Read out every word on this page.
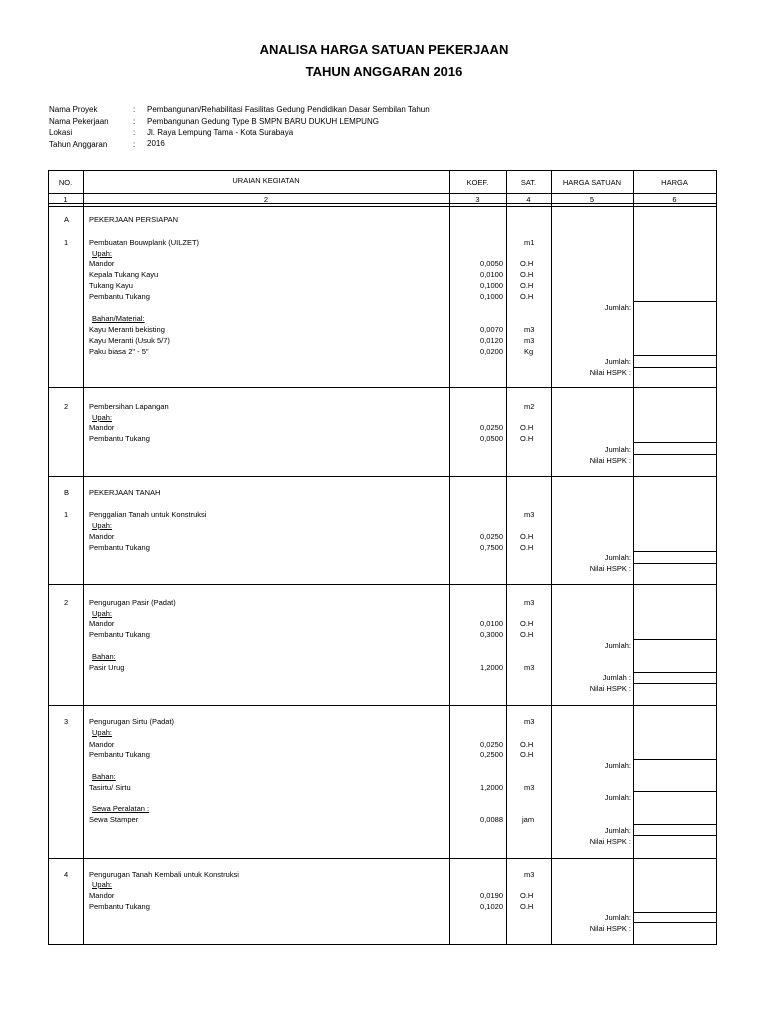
ANALISA HARGA SATUAN PEKERJAAN
TAHUN ANGGARAN 2016
Nama Proyek	: Pembangunan/Rehabilitasi Fasilitas Gedung Pendidikan Dasar Sembilan Tahun
Nama Pekerjaan	: Pembangunan Gedung Type B SMPN BARU DUKUH LEMPUNG
Lokasi	: Jl. Raya Lempung Tama - Kota Surabaya
Tahun Anggaran	: 2016
NO.	URAIAN KEGIATAN	KOEF.	SAT.	HARGA SATUAN	HARGA
1	2	3	4	5	6
A	PEKERJAAN PERSIAPAN
1	Pembuatan Bouwplank (UILZET)	m1
Upah:
Mandor	0,0050 O.H
Kepala Tukang Kayu	0,0100 O.H
Tukang Kayu	0,1000 O.H
Pembantu Tukang	0,1000 O.H
Jumlah:
Bahan/Material:
Kayu Meranti bekisting	0,0070	m3
Kayu Meranti (Usuk 5/7)	0,0120	m3
Paku biasa 2" - 5"	0,0200	Kg
Jumlah:
Nilai HSPK :
2	Pembersihan Lapangan	m2
Upah:
Mandor	0,0250 O.H
Pembantu Tukang	0,0500 O.H
Jumlah:
Nilai HSPK :
B	PEKERJAAN TANAH
1	Penggalian Tanah untuk Konstruksi	m3
Upah:
Mandor	0,0250 O.H
Pembantu Tukang	0,7500 O.H
Jumlah:
Nilai HSPK :
2	Pengurugan Pasir (Padat)	m3
Upah:
Mandor	0,0100 O.H
Pembantu Tukang	0,3000 O.H
Jumlah:
Bahan:
Pasir Urug	1,2000	m3
Jumlah :
Nilai HSPK :
3	Pengurugan Sirtu (Padat)	m3
Upah:
Mandor	0,0250 O.H
Pembantu Tukang	0,2500 O.H
Jumlah:
Bahan:
Tasirtu/ Sirtu	1,2000	m3
Jumlah:
Sewa Peralatan :
Sewa Stamper	0,0088	jam
Jumlah:
Nilai HSPK :
4	Pengurugan Tanah Kembali untuk Konstruksi	m3
Upah:
Mandor	0,0190 O.H
Pembantu Tukang	0,1020 O.H
Jumlah:
Nilai HSPK :
